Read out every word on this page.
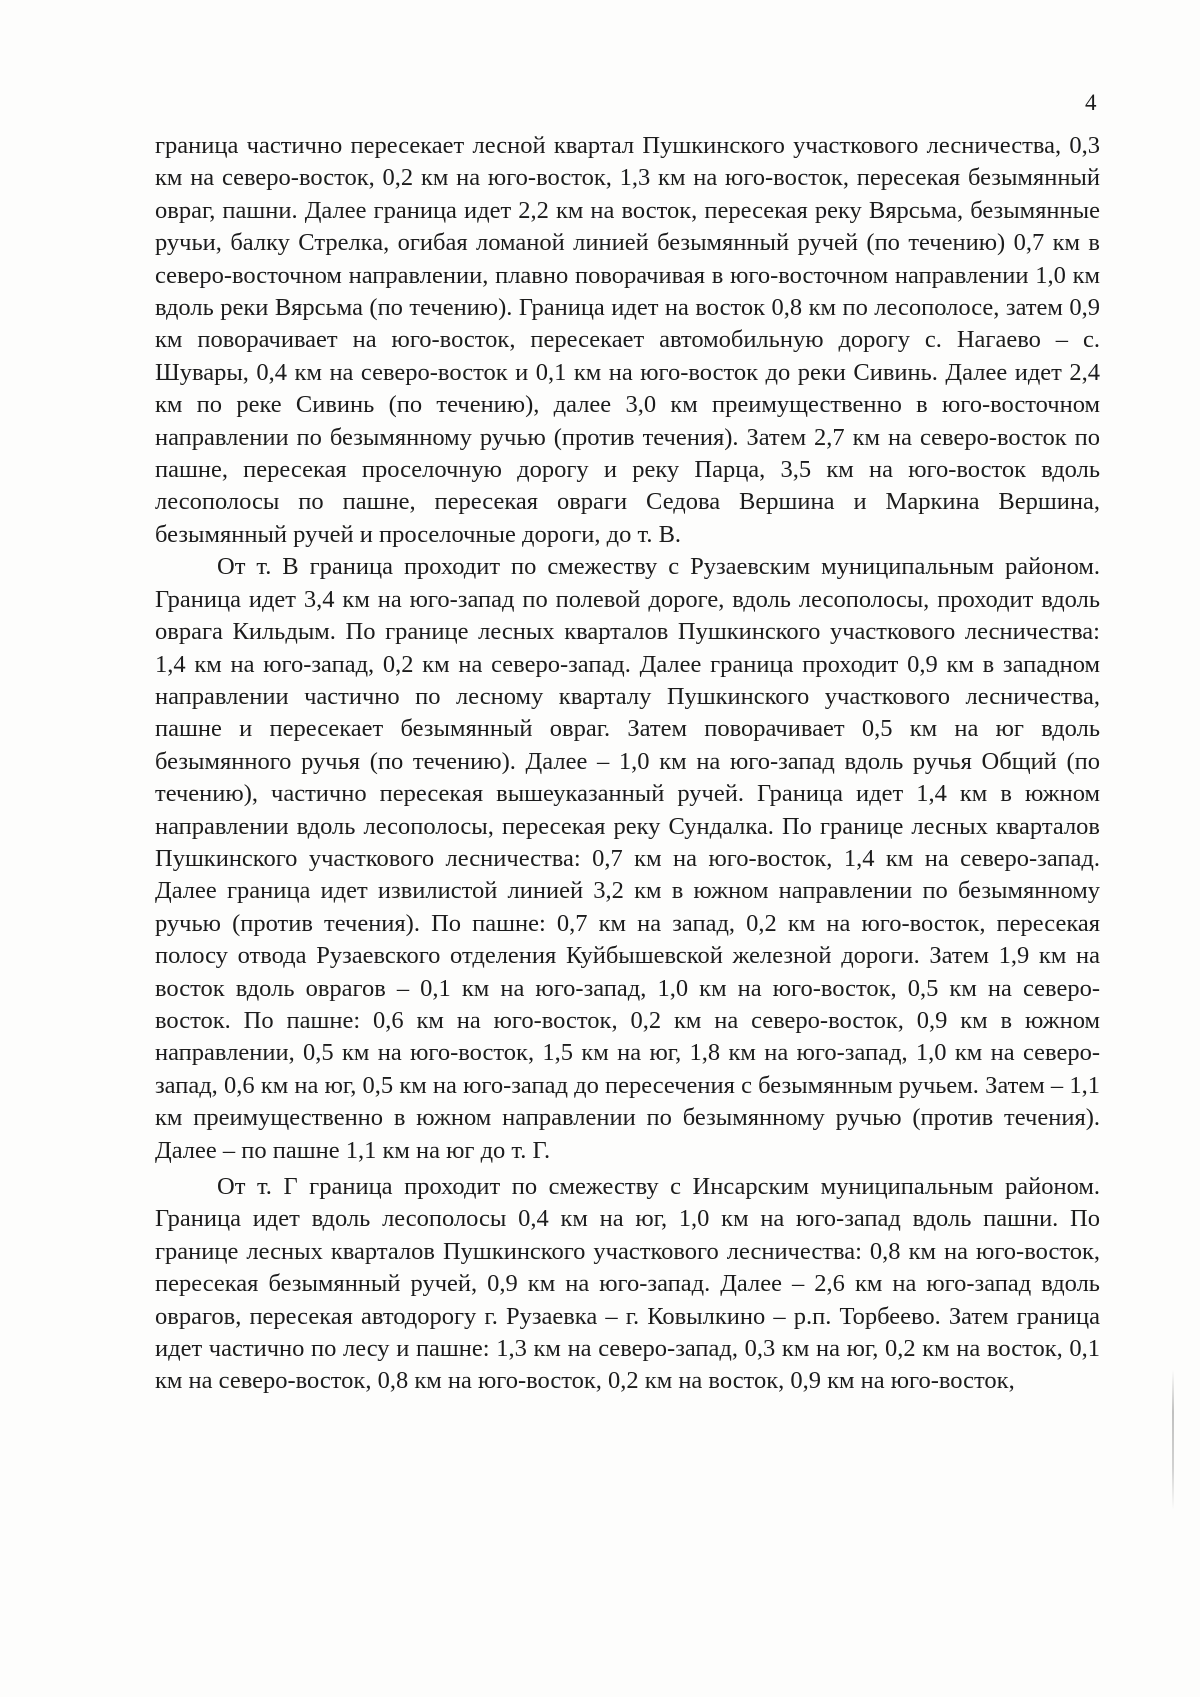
4

граница частично пересекает лесной квартал Пушкинского участкового лесничества, 0,3 км на северо-восток, 0,2 км на юго-восток, 1,3 км на юго-восток, пересекая безымянный овраг, пашни. Далее граница идет 2,2 км на восток, пересекая реку Вярсьма, безымянные ручьи, балку Стрелка, огибая ломаной линией безымянный ручей (по течению) 0,7 км в северо-восточном направлении, плавно поворачивая в юго-восточном направлении 1,0 км вдоль реки Вярсьма (по течению). Граница идет на восток 0,8 км по лесополосе, затем 0,9 км поворачивает на юго-восток, пересекает автомобильную дорогу с. Нагаево – с. Шувары, 0,4 км на северо-восток и 0,1 км на юго-восток до реки Сивинь. Далее идет 2,4 км по реке Сивинь (по течению), далее 3,0 км преимущественно в юго-восточном направлении по безымянному ручью (против течения). Затем 2,7 км на северо-восток по пашне, пересекая проселочную дорогу и реку Парца, 3,5 км на юго-восток вдоль лесополосы по пашне, пересекая овраги Седова Вершина и Маркина Вершина, безымянный ручей и проселочные дороги, до т. В.

От т. В граница проходит по смежеству с Рузаевским муниципальным районом. Граница идет 3,4 км на юго-запад по полевой дороге, вдоль лесополосы, проходит вдоль оврага Кильдым. По границе лесных кварталов Пушкинского участкового лесничества: 1,4 км на юго-запад, 0,2 км на северо-запад. Далее граница проходит 0,9 км в западном направлении частично по лесному кварталу Пушкинского участкового лесничества, пашне и пересекает безымянный овраг. Затем поворачивает 0,5 км на юг вдоль безымянного ручья (по течению). Далее – 1,0 км на юго-запад вдоль ручья Общий (по течению), частично пересекая вышеуказанный ручей. Граница идет 1,4 км в южном направлении вдоль лесополосы, пересекая реку Сундалка. По границе лесных кварталов Пушкинского участкового лесничества: 0,7 км на юго-восток, 1,4 км на северо-запад. Далее граница идет извилистой линией 3,2 км в южном направлении по безымянному ручью (против течения). По пашне: 0,7 км на запад, 0,2 км на юго-восток, пересекая полосу отвода Рузаевского отделения Куйбышевской железной дороги. Затем 1,9 км на восток вдоль оврагов – 0,1 км на юго-запад, 1,0 км на юго-восток, 0,5 км на северо-восток. По пашне: 0,6 км на юго-восток, 0,2 км на северо-восток, 0,9 км в южном направлении, 0,5 км на юго-восток, 1,5 км на юг, 1,8 км на юго-запад, 1,0 км на северо-запад, 0,6 км на юг, 0,5 км на юго-запад до пересечения с безымянным ручьем. Затем – 1,1 км преимущественно в южном направлении по безымянному ручью (против течения). Далее – по пашне 1,1 км на юг до т. Г.

От т. Г граница проходит по смежеству с Инсарским муниципальным районом. Граница идет вдоль лесополосы 0,4 км на юг, 1,0 км на юго-запад вдоль пашни. По границе лесных кварталов Пушкинского участкового лесничества: 0,8 км на юго-восток, пересекая безымянный ручей, 0,9 км на юго-запад. Далее – 2,6 км на юго-запад вдоль оврагов, пересекая автодорогу г. Рузаевка – г. Ковылкино – р.п. Торбеево. Затем граница идет частично по лесу и пашне: 1,3 км на северо-запад, 0,3 км на юг, 0,2 км на восток, 0,1 км на северо-восток, 0,8 км на юго-восток, 0,2 км на восток, 0,9 км на юго-восток,
